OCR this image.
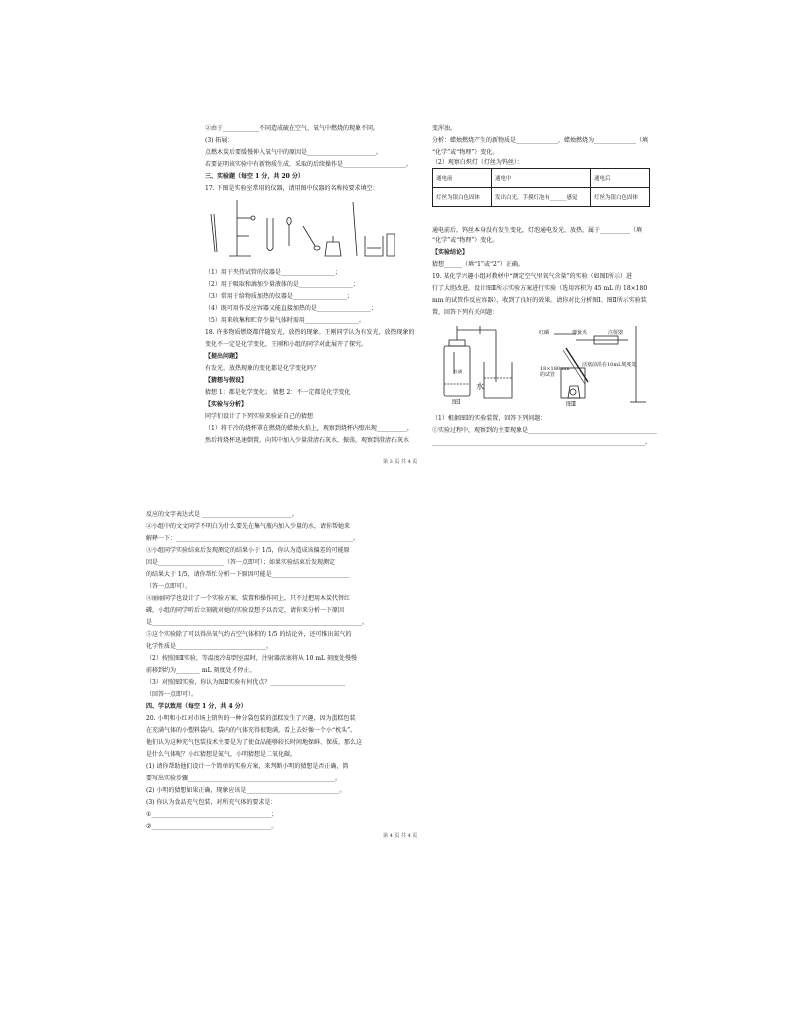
②由于____________不同造成硫在空气、氧气中燃烧的现象不同。
(3) 拓展：
点燃木炭后要缓慢伸入氧气中的原因是_______________________。
若要证明该实验中有新物质生成，采取的后续操作是_____________________。
三、实验题（每空 1 分，共 20 分）
17. 下图是实验室常用的仪器，请用图中仪器的名称按要求填空：
（1）用于夹持试管的仪器是__________________；
（2）用于吸取和滴加少量液体的是__________________；
（3）常用于给物质加热的仪器是__________________；
（4）既可用作反应容器又能直接加热的是__________________；
（5）用来收集和贮存少量气体时需用__________________。
18. 许多物质燃烧都伴随发光、放热的现象。王刚同学认为有发光、放热现象的
变化不一定是化学变化，王刚和小组的同学对此展开了探究。
【提出问题】
有发光、放热现象的变化都是化学变化吗？
【猜想与假设】
猜想 1：都是化学变化； 猜想 2：不一定都是化学变化
【实验与分析】
同学们设计了下列实验来验证自己的猜想
（1）将干冷的烧杯罩在燃烧的蜡烛火焰上，观察到烧杯内壁出现__________，
然后将烧杯迅速倒置，向其中加入少量澄清石灰水，振荡，观察到澄清石灰水
变浑浊。
分析：蜡烛燃烧产生的新物质是______________，蜡烛燃烧为______________（填
“化学”或“物理”）变化。
（2）观察白炽灯（灯丝为钨丝）：
通电前	通电中	通电后
灯丝为银白色固体	发出白光，手摸灯泡有______感觉	灯丝为银白色固体
通电前后，钨丝本身没有发生变化，灯泡通电发光、放热，属于__________（填
“化学”或“物理”）变化。
【实验结论】
猜想______（填“1”或“2”）正确。
19. 某化学兴趣小组对教材中“测定空气里氧气含量”的实验（如图Ⅰ所示）进
行了大胆改进，设计图Ⅱ所示实验方案进行实验（选用容积为 45 mL 的 18×180
mm 的试管作反应容器），收到了良好的效果。请你对比分析图Ⅰ、图Ⅱ所示实验装
置，回答下列有关问题：
红磷	弹簧夹	注射器
水
图Ⅰ	图Ⅱ
18×180mm 的试管
活塞前沿在10mL刻度处
红磷
（1）根据图Ⅰ的实验装置，回答下列问题：
①实验过程中，观察到的主要现象是___________________________________________
_______________________________________________________________________。
第 3 页 共 4 页
反应的文字表达式是 ______________________________。
②小组中的文文同学不明白为什么要先在集气瓶内加入少量的水，请你帮她来
解释一下：___________________________________________________________。
③小组同学实验结束后发现测定的结果小于 1/5，你认为造成该偏差的可能原
因是______________________（答一点即可）；如果实验结束后发现测定
的结果大于 1/5，请你帮忙分析一下原因可能是__________________________
（答一点即可）。
④丽丽同学也设计了一个实验方案，装置和操作同上，只不过把用木炭代替红
磷，小组的同学听后立刻就对她的实验设想予以否定，请你来分析一下原因
是______________________________________________________________________。
⑤这个实验除了可以得出氧气约占空气体积的 1/5 的结论外，还可推出氮气的
化学性质是______________________________。
（2）按照图Ⅱ实验，等温度冷却到室温时，注射器活塞将从 10 mL 刻度处慢慢
前移到约为________ mL 刻度处才停止。
（3）对照图Ⅰ实验，你认为图Ⅱ实验有何优点？_________________________
（回答一点即可）。
四、学以致用（每空 1 分，共 4 分）
20. 小明和小红对市场上销售的一种分袋包装的蛋糕发生了兴趣，因为蛋糕包装
在充满气体的小塑料袋内，袋内的气体充得很饱满，看上去好像一个小“枕头”。
他们认为这种充气包装技术主要是为了使食品能够较长时间地保鲜、保质。那么这
是什么气体呢？小红猜想是氮气，小明猜想是二氧化碳。
(1) 请你帮助他们设计一个简单的实验方案，来判断小明的猜想是否正确，简
要写出实验步骤_________________________________________________。
(2) 小明的猜想如果正确，现象应该是_______________________________。
(3) 你认为食品充气包装，对所充气体的要求是：
①________________________________________；
②________________________________________。
第 4 页 共 4 页
